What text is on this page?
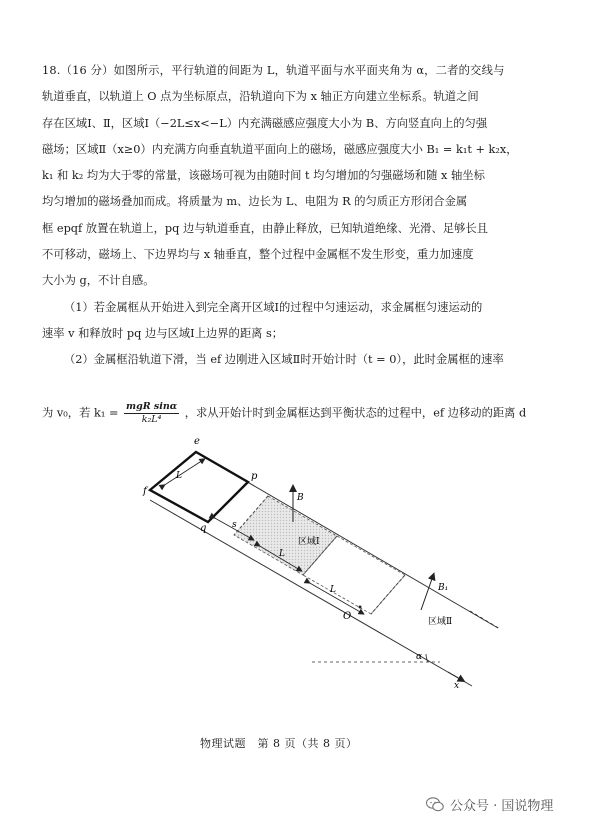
18.（16 分）如图所示，平行轨道的间距为 L，轨道平面与水平面夹角为 α，二者的交线与
轨道垂直，以轨道上 O 点为坐标原点，沿轨道向下为 x 轴正方向建立坐标系。轨道之间
存在区域Ⅰ、Ⅱ，区域Ⅰ（−2L≤x<−L）内充满磁感应强度大小为 B、方向竖直向上的匀强
磁场；区域Ⅱ（x≥0）内充满方向垂直轨道平面向上的磁场，磁感应强度大小 B₁ = k₁t + k₂x，
k₁ 和 k₂ 均为大于零的常量，该磁场可视为由随时间 t 均匀增加的匀强磁场和随 x 轴坐标
均匀增加的磁场叠加而成。将质量为 m、边长为 L、电阻为 R 的匀质正方形闭合金属
框 epqf 放置在轨道上，pq 边与轨道垂直，由静止释放，已知轨道绝缘、光滑、足够长且
不可移动，磁场上、下边界均与 x 轴垂直，整个过程中金属框不发生形变，重力加速度
大小为 g，不计自感。
（1）若金属框从开始进入到完全离开区域Ⅰ的过程中匀速运动，求金属框匀速运动的
速率 v 和释放时 pq 边与区域Ⅰ上边界的距离 s；
（2）金属框沿轨道下滑，当 ef 边刚进入区域Ⅱ时开始计时（t = 0），此时金属框的速率
为 v₀，若 $k_1 = \frac{\text{mgR sinα}}{\text{k₂L⁴}}$ ，求从开始计时到金属框达到平衡状态的过程中，ef 边移动的距离 d
e
p
f
q
L
s
B
区域Ⅰ
L
L
O
B₁
区域Ⅱ
α
x
物理试题　第 8 页（共 8 页）
公众号 · 国说物理
